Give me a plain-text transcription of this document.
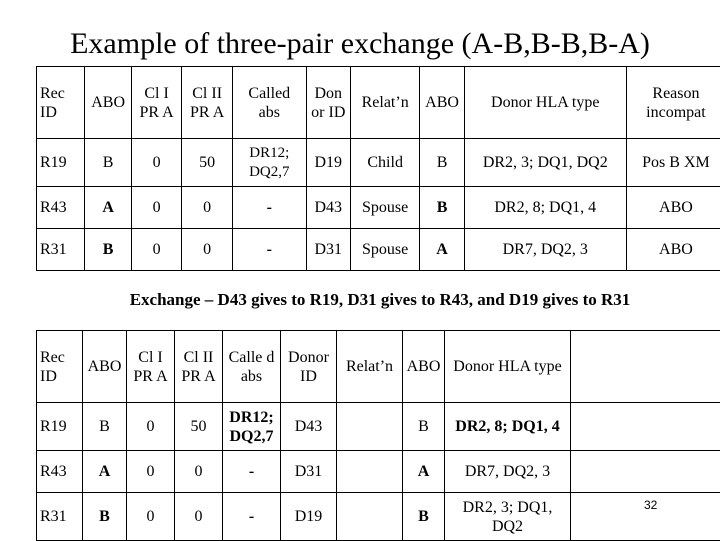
Example of three-pair exchange (A-B,B-B,B-A)
Rec ID	ABO	Cl I PR A	Cl II PR A	Called abs	Don or ID	Relat’n	ABO	Donor HLA type	Reason incompat
R19	B	0	50	DR12; DQ2,7	D19	Child	B	DR2, 3; DQ1, DQ2	Pos B XM
R43	A	0	0	-	D43	Spouse	B	DR2, 8; DQ1, 4	ABO
R31	B	0	0	-	D31	Spouse	A	DR7, DQ2, 3	ABO
Exchange – D43 gives to R19, D31 gives to R43, and D19 gives to R31
Rec ID	ABO	Cl I PR A	Cl II PR A	Calle d abs	Donor ID	Relat’n	ABO	Donor HLA type	
R19	B	0	50	DR12; DQ2,7	D43		B	DR2, 8; DQ1, 4	
R43	A	0	0	-	D31		A	DR7, DQ2, 3	
R31	B	0	0	-	D19		B	DR2, 3; DQ1, DQ2	
32
